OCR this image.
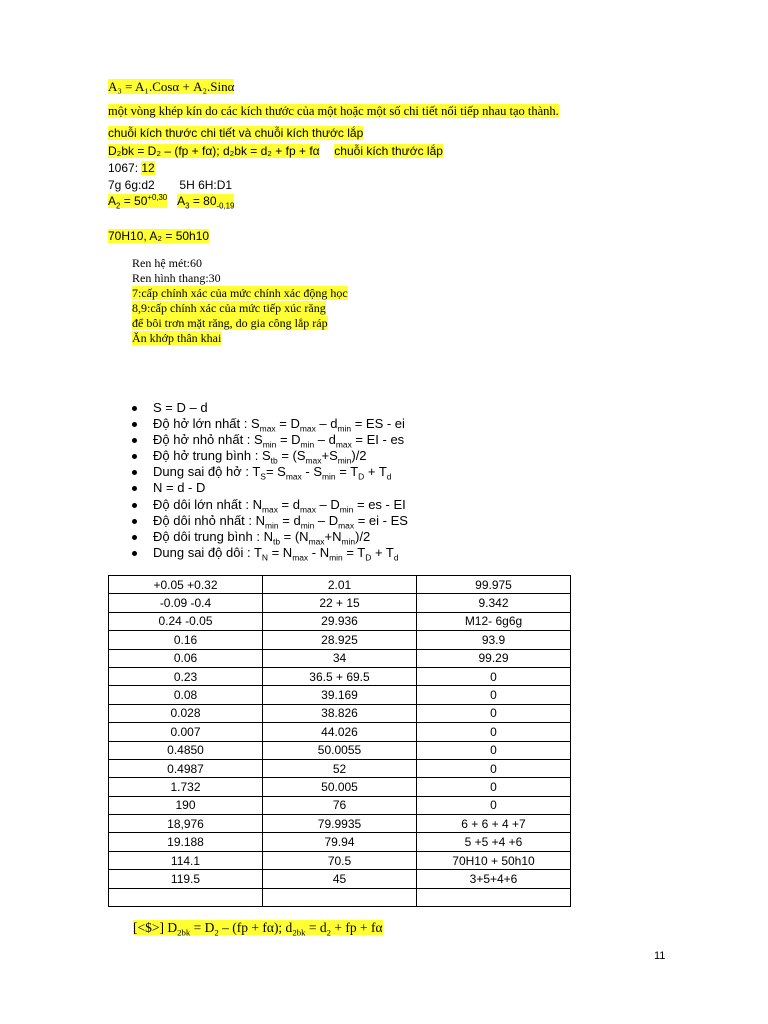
A₃ = A₁.Cosα + A₂.Sinα
một vòng khép kín do các kích thước của một hoặc một số chi tiết nối tiếp nhau tạo thành.
chuỗi kích thước chi tiết và chuỗi kích thước lắp
D₂bk = D₂ – (fp + fα); d₂bk = d₂ + fp + fα chuỗi kích thước lắp
1067: 12
7g 6g:d2 5H 6H:D1
$A_2 = 50^{+0,30}$ $A_3 = 80_{-0,19}$
70H10, A₂ = 50h10
Ren hệ mét:60
Ren hình thang:30
7:cấp chính xác của mức chính xác động học
8,9:cấp chính xác của mức tiếp xúc răng
để bôi trơn mặt răng, do gia công lắp ráp
Ăn khớp thân khai
S = D – d
Độ hở lớn nhất : $S_{max} = D_{max} - d_{min}$ = ES - ei
Độ hở nhỏ nhất : $S_{min} = D_{min} - d_{max}$ = EI - es
Độ hở trung bình : $S_{tb} = (S_{max}+S_{min})/2$
Dung sai độ hở : $T_S= S_{max} - S_{min} = T_D + T_d$
N = d - D
Độ dôi lớn nhất : $N_{max} = d_{max} - D_{min}$ = es - EI
Độ dôi nhỏ nhất : $N_{min} = d_{min} - D_{max}$ = ei - ES
Độ dôi trung bình : $N_{tb} = (N_{max}+N_{min})/2$
Dung sai độ dôi : $T_N = N_{max} - N_{min} = T_D + T_d$
+0.05 +0.32	2.01	99.975
-0.09 -0.4	22 + 15	9.342
0.24 -0.05	29.936	M12- 6g6g
0.16	28.925	93.9
0.06	34	99.29
0.23	36.5 + 69.5	0
0.08	39.169	0
0.028	38.826	0
0.007	44.026	0
0.4850	50.0055	0
0.4987	52	0
1.732	50.005	0
190	76	0
18,976	79.9935	6 + 6 + 4 +7
19.188	79.94	5 +5 +4 +6
114.1	70.5	70H10 + 50h10
119.5	45	3+5+4+6

[<$>] $D_{2bk} = D_2 - (fp + f\alpha)$; $d_{2bk} = d_2$ + fp + fα
11
